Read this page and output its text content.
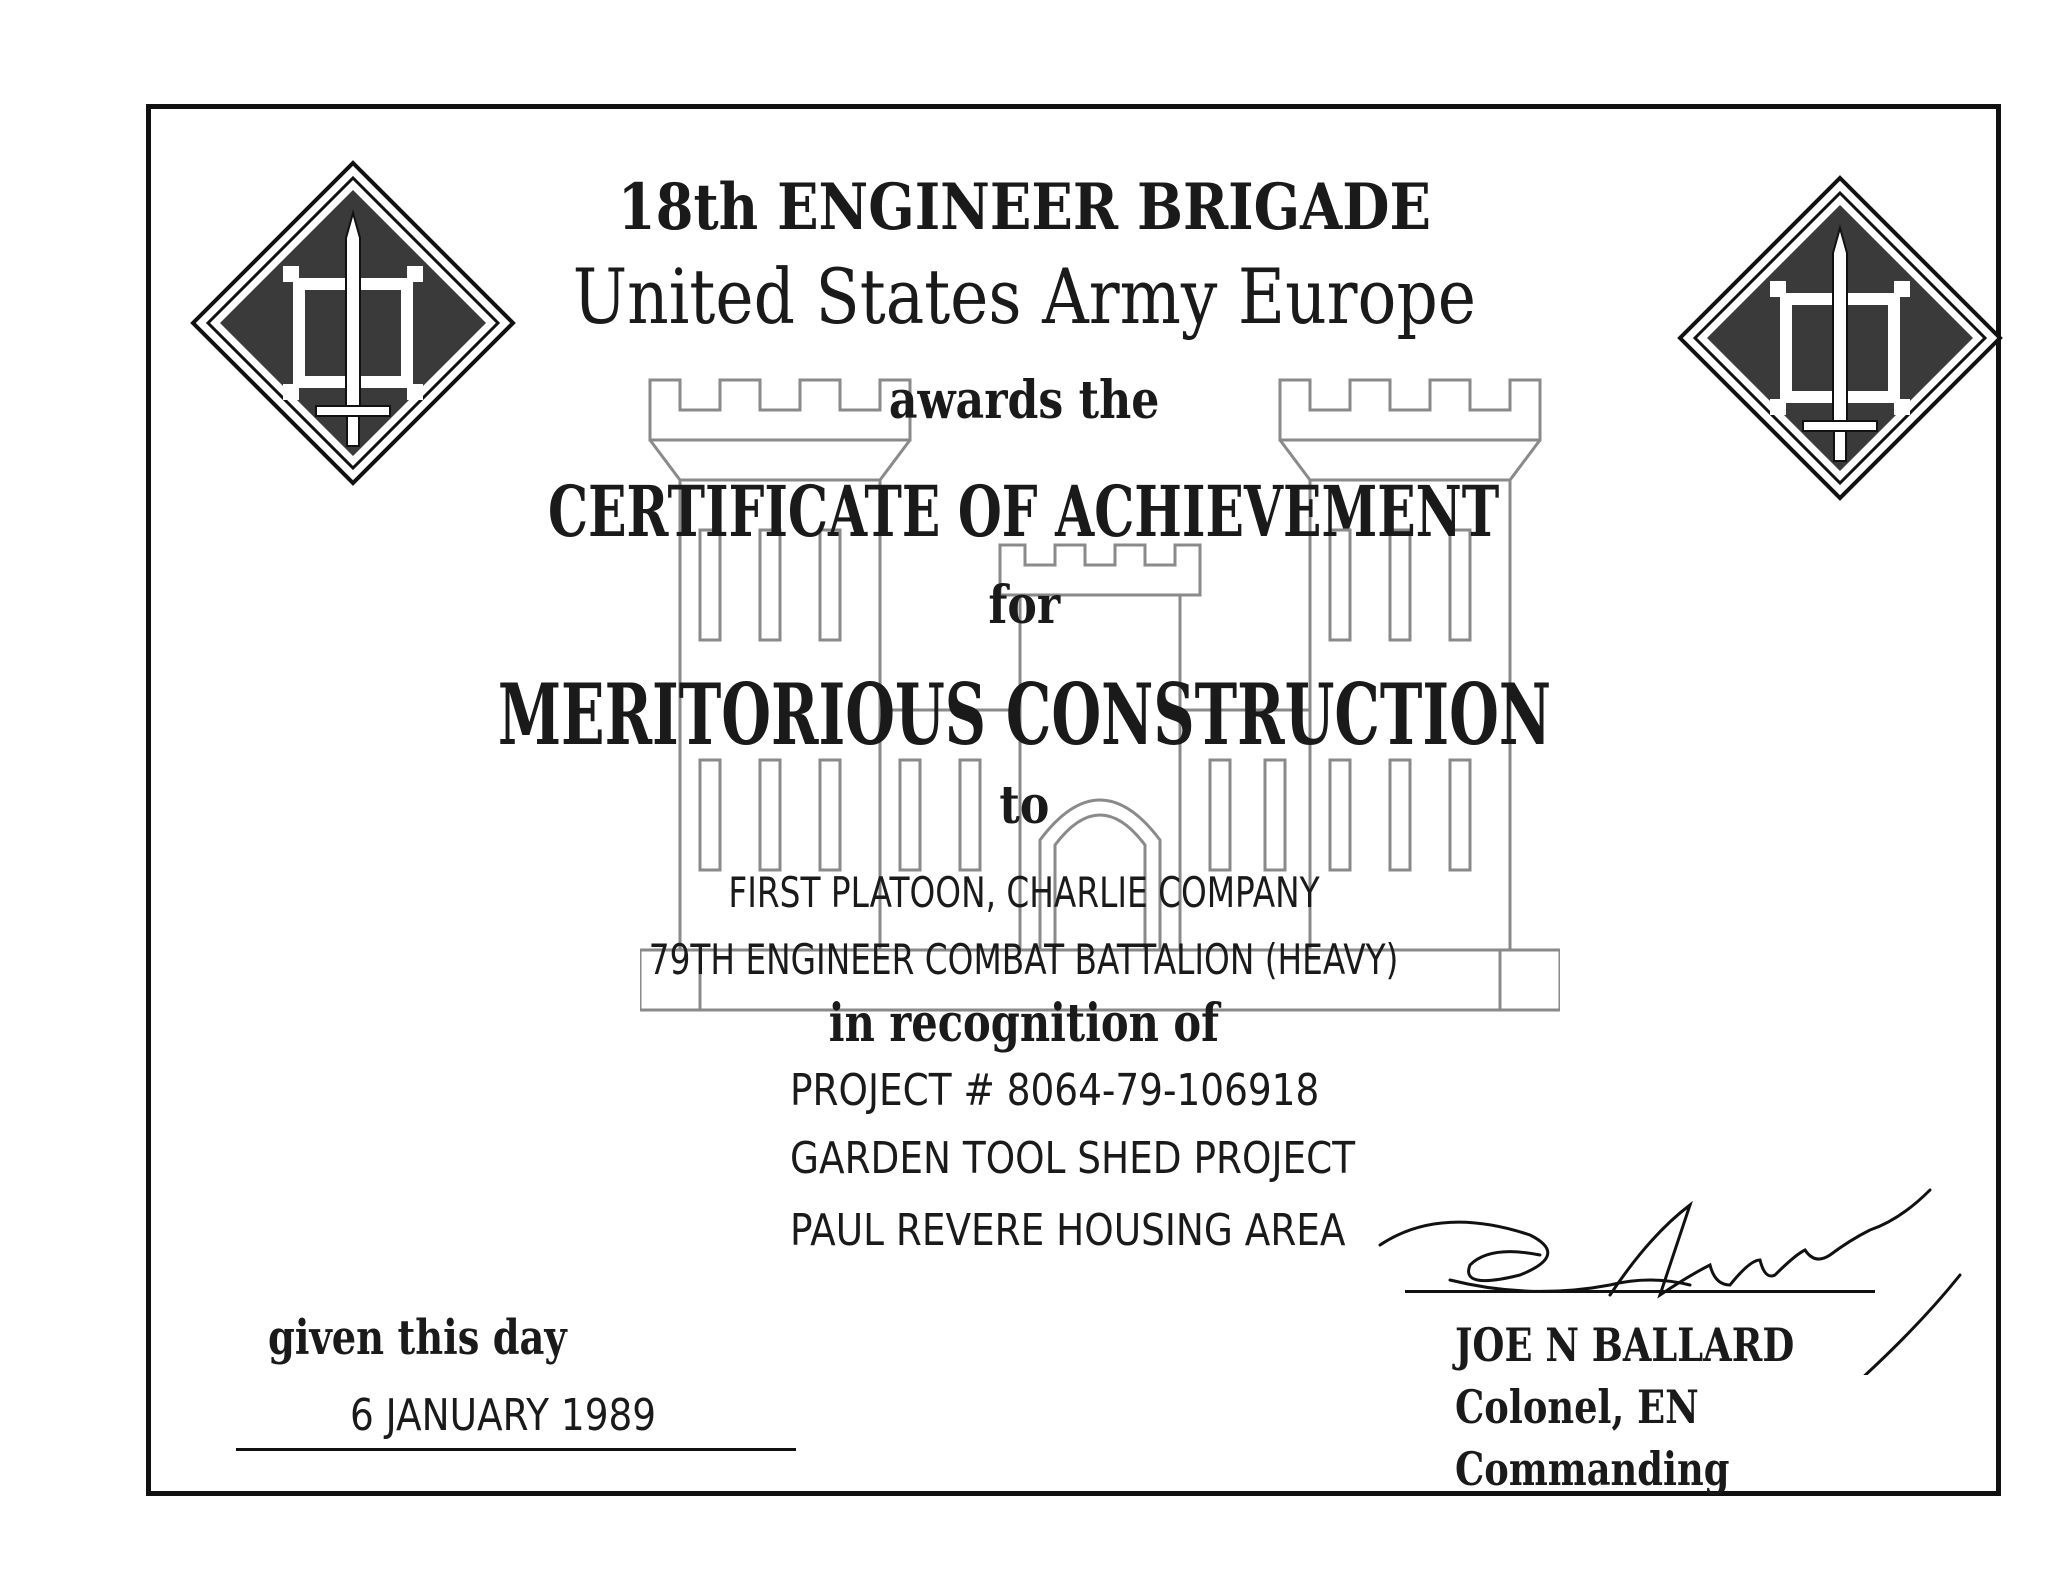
18th ENGINEER BRIGADE
United States Army Europe
awards the
CERTIFICATE OF ACHIEVEMENT
for
MERITORIOUS CONSTRUCTION
to
FIRST PLATOON, CHARLIE COMPANY
79TH ENGINEER COMBAT BATTALION (HEAVY)
in recognition of
PROJECT # 8064-79-106918
GARDEN TOOL SHED PROJECT
PAUL REVERE HOUSING AREA
given this day
6 JANUARY 1989
JOE N BALLARD
Colonel, EN
Commanding
